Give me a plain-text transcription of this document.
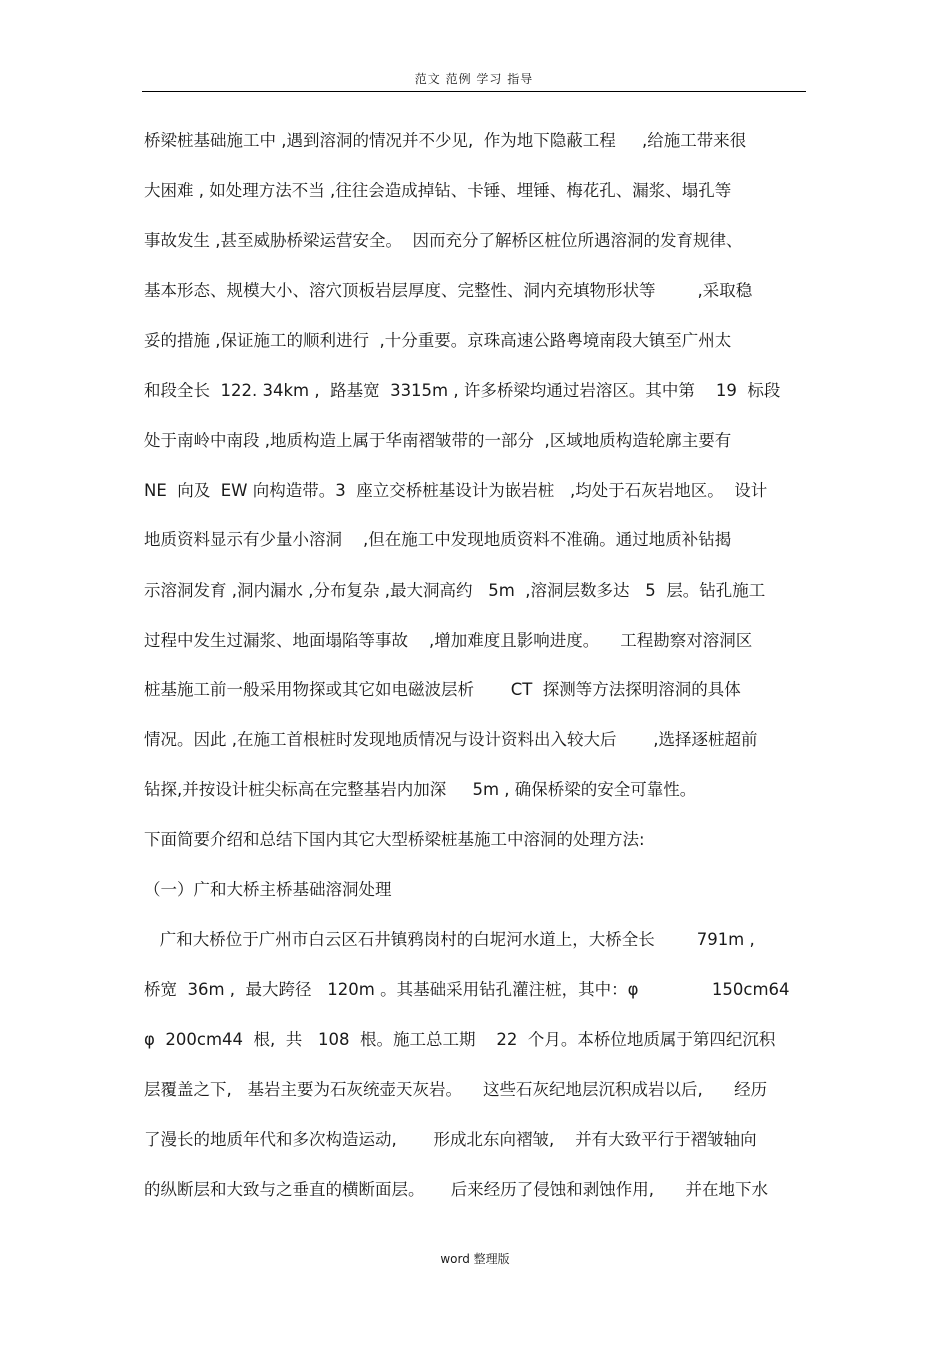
范文 范例 学习 指导
桥梁桩基础施工中 ,遇到溶洞的情况并不少见,  作为地下隐蔽工程     ,给施工带来很
大困难 , 如处理方法不当 ,往往会造成掉钻、卡锤、埋锤、梅花孔、漏浆、塌孔等
事故发生 ,甚至威胁桥梁运营安全。  因而充分了解桥区桩位所遇溶洞的发育规律、
基本形态、规模大小、溶穴顶板岩层厚度、完整性、洞内充填物形状等        ,采取稳
妥的措施 ,保证施工的顺利进行  ,十分重要。京珠高速公路粤境南段大镇至广州太
和段全长  122. 34km ,  路基宽  3315m , 许多桥梁均通过岩溶区。其中第    19  标段
处于南岭中南段 ,地质构造上属于华南褶皱带的一部分  ,区域地质构造轮廓主要有
NE  向及  EW 向构造带。3  座立交桥桩基设计为嵌岩桩   ,均处于石灰岩地区。  设计
地质资料显示有少量小溶洞    ,但在施工中发现地质资料不准确。通过地质补钻揭
示溶洞发育 ,洞内漏水 ,分布复杂 ,最大洞高约   5m  ,溶洞层数多达   5  层。钻孔施工
过程中发生过漏浆、地面塌陷等事故    ,增加难度且影响进度。    工程勘察对溶洞区
桩基施工前一般采用物探或其它如电磁波层析       CT  探测等方法探明溶洞的具体
情况。因此 ,在施工首根桩时发现地质情况与设计资料出入较大后       ,选择逐桩超前
钻探,并按设计桩尖标高在完整基岩内加深     5m , 确保桥梁的安全可靠性。
下面简要介绍和总结下国内其它大型桥梁桩基施工中溶洞的处理方法:
（一）广和大桥主桥基础溶洞处理
广和大桥位于广州市白云区石井镇鸦岗村的白坭河水道上，大桥全长        791m ,
桥宽  36m ,  最大跨径   120m 。其基础采用钻孔灌注桩，其中：φ              150cm64
φ  200cm44  根,  共   108  根。施工总工期    22  个月。本桥位地质属于第四纪沉积
层覆盖之下,   基岩主要为石灰统壶天灰岩。    这些石灰纪地层沉积成岩以后,      经历
了漫长的地质年代和多次构造运动,       形成北东向褶皱,    并有大致平行于褶皱轴向
的纵断层和大致与之垂直的横断面层。     后来经历了侵蚀和剥蚀作用,      并在地下水
word 整理版
